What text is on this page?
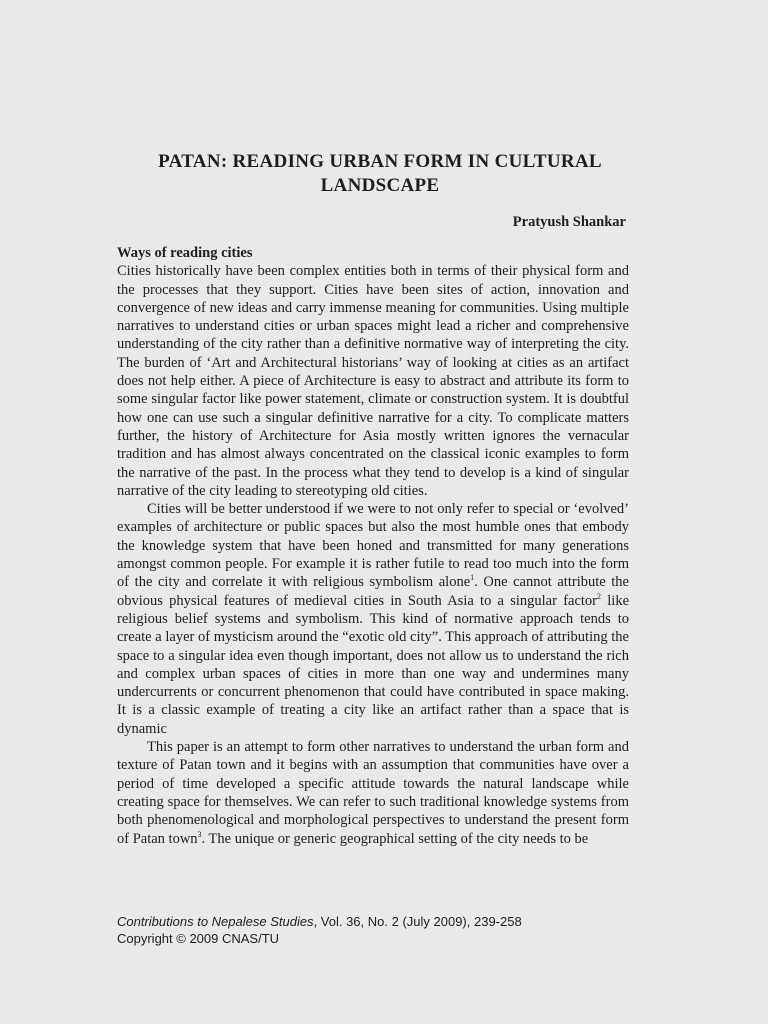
PATAN: READING URBAN FORM IN CULTURAL
LANDSCAPE
Pratyush Shankar

Ways of reading cities

Cities historically have been complex entities both in terms of their physical form and the processes that they support. Cities have been sites of action, innovation and convergence of new ideas and carry immense meaning for communities. Using multiple narratives to understand cities or urban spaces might lead a richer and comprehensive understanding of the city rather than a definitive normative way of interpreting the city. The burden of ‘Art and Architectural historians’ way of looking at cities as an artifact does not help either. A piece of Architecture is easy to abstract and attribute its form to some singular factor like power statement, climate or construction system. It is doubtful how one can use such a singular definitive narrative for a city. To complicate matters further, the history of Architecture for Asia mostly written ignores the vernacular tradition and has almost always concentrated on the classical iconic examples to form the narrative of the past. In the process what they tend to develop is a kind of singular narrative of the city leading to stereotyping old cities.

Cities will be better understood if we were to not only refer to special or ‘evolved’ examples of architecture or public spaces but also the most humble ones that embody the knowledge system that have been honed and transmitted for many generations amongst common people. For example it is rather futile to read too much into the form of the city and correlate it with religious symbolism alone$^1$. One cannot attribute the obvious physical features of medieval cities in South Asia to a singular factor$^2$ like religious belief systems and symbolism. This kind of normative approach tends to create a layer of mysticism around the “exotic old city”. This approach of attributing the space to a singular idea even though important, does not allow us to understand the rich and complex urban spaces of cities in more than one way and undermines many undercurrents or concurrent phenomenon that could have contributed in space making. It is a classic example of treating a city like an artifact rather than a space that is dynamic

This paper is an attempt to form other narratives to understand the urban form and texture of Patan town and it begins with an assumption that communities have over a period of time developed a specific attitude towards the natural landscape while creating space for themselves. We can refer to such traditional knowledge systems from both phenomenological and morphological perspectives to understand the present form of Patan town$^3$. The unique or generic geographical setting of the city needs to be

Contributions to Nepalese Studies, Vol. 36, No. 2 (July 2009), 239-258
Copyright © 2009 CNAS/TU
